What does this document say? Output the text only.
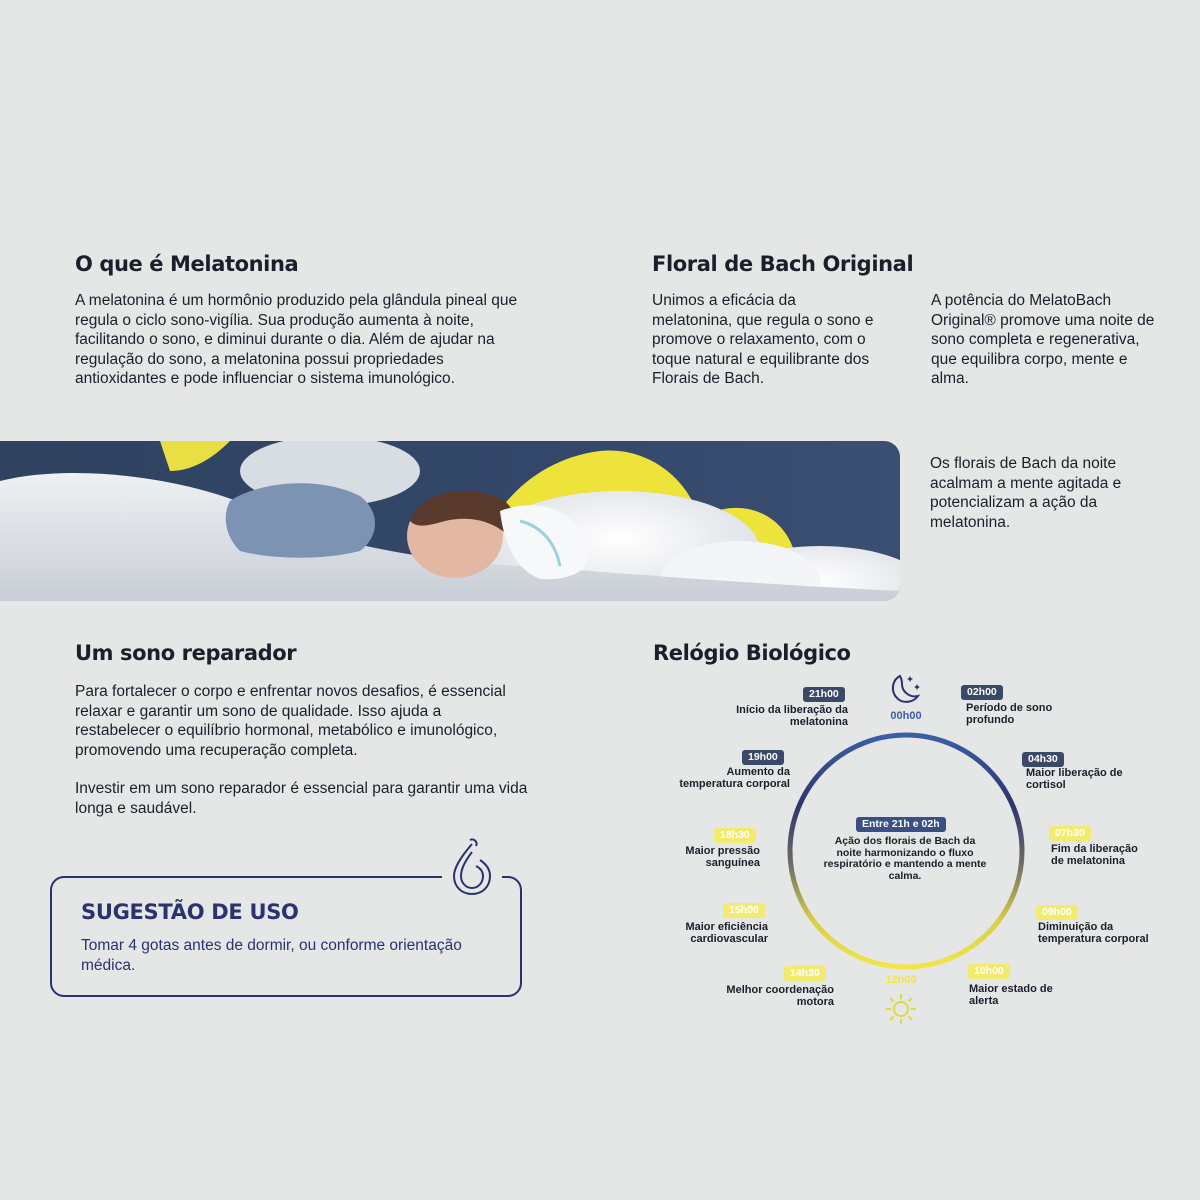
O que é Melatonina

A melatonina é um hormônio produzido pela glândula pineal que regula o ciclo sono-vigília. Sua produção aumenta à noite, facilitando o sono, e diminui durante o dia. Além de ajudar na regulação do sono, a melatonina possui propriedades antioxidantes e pode influenciar o sistema imunológico.

Floral de Bach Original

Unimos a eficácia da melatonina, que regula o sono e promove o relaxamento, com o toque natural e equilibrante dos Florais de Bach.

A potência do MelatoBach Original® promove uma noite de sono completa e regenerativa, que equilibra corpo, mente e alma.

Os florais de Bach da noite acalmam a mente agitada e potencializam a ação da melatonina.

Um sono reparador

Para fortalecer o corpo e enfrentar novos desafios, é essencial relaxar e garantir um sono de qualidade. Isso ajuda a restabelecer o equilíbrio hormonal, metabólico e imunológico, promovendo uma recuperação completa.

Investir em um sono reparador é essencial para garantir uma vida longa e saudável.

SUGESTÃO DE USO
Tomar 4 gotas antes de dormir, ou conforme orientação médica.
Relógio Biológico
00h00
12h00
Entre 21h e 02h
Ação dos florais de Bach da noite harmonizando o fluxo respiratório e mantendo a mente calma.
21h00
Início da liberação da melatonina
02h00
Período de sono profundo
19h00
Aumento da temperatura corporal
04h30
Maior liberação de cortisol
18h30
Maior pressão sanguínea
07h30
Fim da liberação de melatonina
15h00
Maior eficiência cardiovascular
09h00
Diminuição da temperatura corporal
14h30
Melhor coordenação motora
10h00
Maior estado de alerta
